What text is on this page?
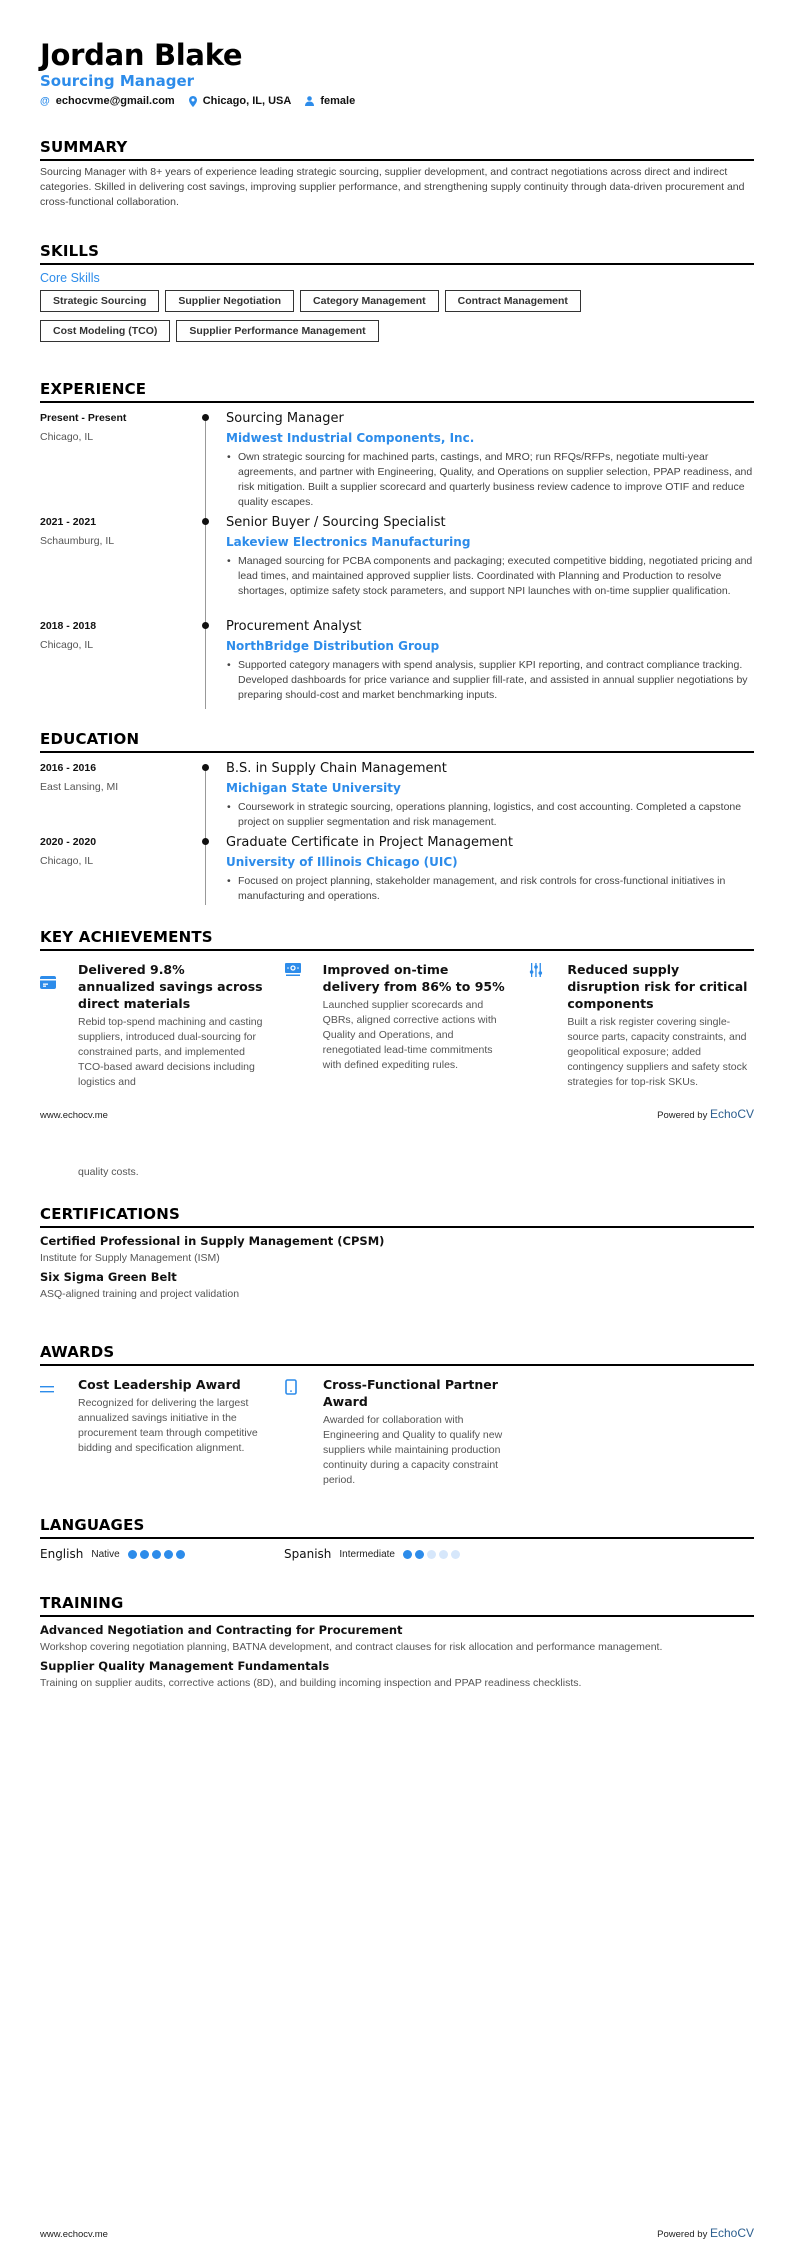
Jordan Blake
Sourcing Manager
@ echocvme@gmail.com	Chicago, IL, USA	female
SUMMARY
Sourcing Manager with 8+ years of experience leading strategic sourcing, supplier development, and contract negotiations across direct and indirect categories. Skilled in delivering cost savings, improving supplier performance, and strengthening supply continuity through data-driven procurement and cross-functional collaboration.
SKILLS
Core Skills
Strategic Sourcing	Supplier Negotiation	Category Management	Contract Management
Cost Modeling (TCO)	Supplier Performance Management
EXPERIENCE
Present - Present
Chicago, IL
Sourcing Manager
Midwest Industrial Components, Inc.
• Own strategic sourcing for machined parts, castings, and MRO; run RFQs/RFPs, negotiate multi-year agreements, and partner with Engineering, Quality, and Operations on supplier selection, PPAP readiness, and risk mitigation. Built a supplier scorecard and quarterly business review cadence to improve OTIF and reduce quality escapes.
2021 - 2021
Schaumburg, IL
Senior Buyer / Sourcing Specialist
Lakeview Electronics Manufacturing
• Managed sourcing for PCBA components and packaging; executed competitive bidding, negotiated pricing and lead times, and maintained approved supplier lists. Coordinated with Planning and Production to resolve shortages, optimize safety stock parameters, and support NPI launches with on-time supplier qualification.
2018 - 2018
Chicago, IL
Procurement Analyst
NorthBridge Distribution Group
• Supported category managers with spend analysis, supplier KPI reporting, and contract compliance tracking. Developed dashboards for price variance and supplier fill-rate, and assisted in annual supplier negotiations by preparing should-cost and market benchmarking inputs.
EDUCATION
2016 - 2016
East Lansing, MI
B.S. in Supply Chain Management
Michigan State University
• Coursework in strategic sourcing, operations planning, logistics, and cost accounting. Completed a capstone project on supplier segmentation and risk management.
2020 - 2020
Chicago, IL
Graduate Certificate in Project Management
University of Illinois Chicago (UIC)
• Focused on project planning, stakeholder management, and risk controls for cross-functional initiatives in manufacturing and operations.
KEY ACHIEVEMENTS
Delivered 9.8% annualized savings across direct materials
Rebid top-spend machining and casting suppliers, introduced dual-sourcing for constrained parts, and implemented TCO-based award decisions including logistics and
Improved on-time delivery from 86% to 95%
Launched supplier scorecards and QBRs, aligned corrective actions with Quality and Operations, and renegotiated lead-time commitments with defined expediting rules.
Reduced supply disruption risk for critical components
Built a risk register covering single-source parts, capacity constraints, and geopolitical exposure; added contingency suppliers and safety stock strategies for top-risk SKUs.
www.echocv.me	Powered by EchoCV
quality costs.
CERTIFICATIONS
Certified Professional in Supply Management (CPSM)
Institute for Supply Management (ISM)
Six Sigma Green Belt
ASQ-aligned training and project validation
AWARDS
Cost Leadership Award
Recognized for delivering the largest annualized savings initiative in the procurement team through competitive bidding and specification alignment.
Cross-Functional Partner Award
Awarded for collaboration with Engineering and Quality to qualify new suppliers while maintaining production continuity during a capacity constraint period.
LANGUAGES
English Native	Spanish Intermediate
TRAINING
Advanced Negotiation and Contracting for Procurement
Workshop covering negotiation planning, BATNA development, and contract clauses for risk allocation and performance management.
Supplier Quality Management Fundamentals
Training on supplier audits, corrective actions (8D), and building incoming inspection and PPAP readiness checklists.
www.echocv.me	Powered by EchoCV
